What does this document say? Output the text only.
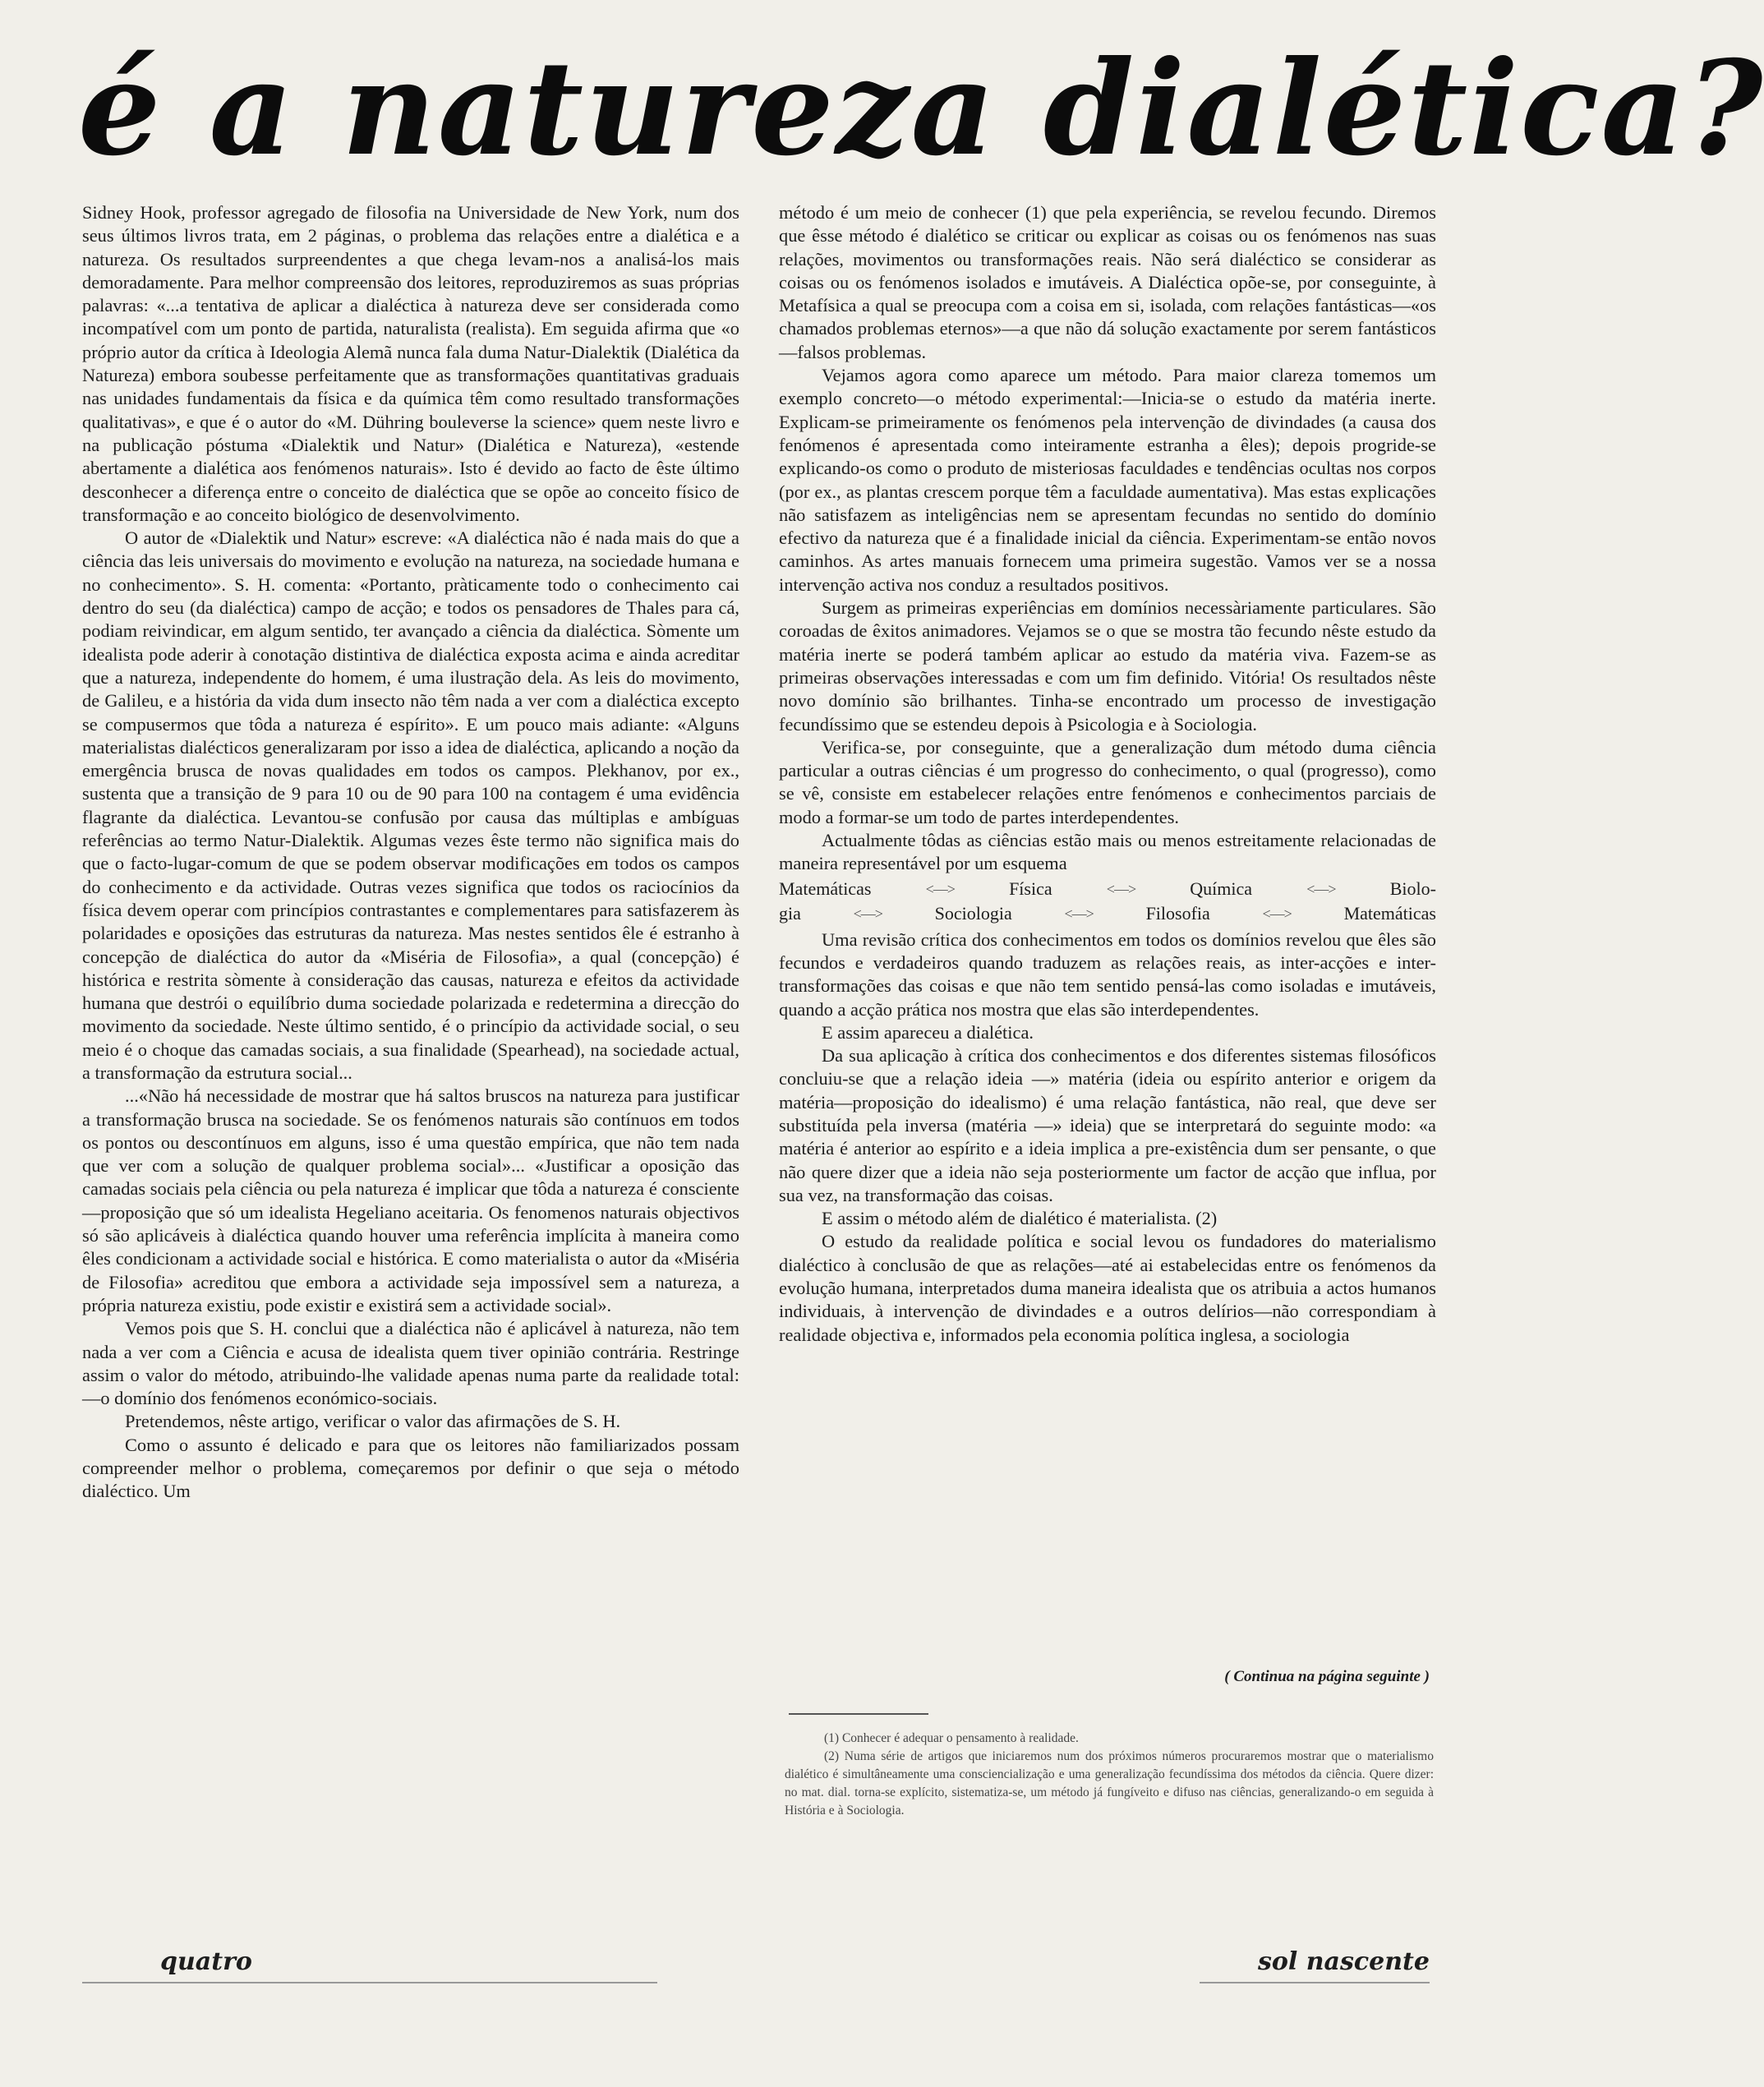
é a natureza dialética?

Sidney Hook, professor agregado de filosofia na Universidade de New York, num dos seus últimos livros trata, em 2 páginas, o problema das relações entre a dialética e a natureza. Os resultados surpreendentes a que chega levam-nos a analisá-los mais demoradamente. Para melhor compreensão dos leitores, reproduziremos as suas próprias palavras: «...a tentativa de aplicar a dialéctica à natureza deve ser considerada como incompatível com um ponto de partida, naturalista (realista). Em seguida afirma que «o próprio autor da crítica à Ideologia Alemã nunca fala duma Natur-Dialektik (Dialética da Natureza) embora soubesse perfeitamente que as transformações quantitativas graduais nas unidades fundamentais da física e da química têm como resultado transformações qualitativas», e que é o autor do «M. Dühring bouleverse la science» quem neste livro e na publicação póstuma «Dialektik und Natur» (Dialética e Natureza), «estende abertamente a dialética aos fenómenos naturais». Isto é devido ao facto de êste último desconhecer a diferença entre o conceito de dialéctica que se opõe ao conceito físico de transformação e ao conceito biológico de desenvolvimento.

O autor de «Dialektik und Natur» escreve: «A dialéctica não é nada mais do que a ciência das leis universais do movimento e evolução na natureza, na sociedade humana e no conhecimento». S. H. comenta: «Portanto, pràticamente todo o conhecimento cai dentro do seu (da dialéctica) campo de acção; e todos os pensadores de Thales para cá, podiam reivindicar, em algum sentido, ter avançado a ciência da dialéctica. Sòmente um idealista pode aderir à conotação distintiva de dialéctica exposta acima e ainda acreditar que a natureza, independente do homem, é uma ilustração dela. As leis do movimento, de Galileu, e a história da vida dum insecto não têm nada a ver com a dialéctica excepto se compusermos que tôda a natureza é espírito». E um pouco mais adiante: «Alguns materialistas dialécticos generalizaram por isso a idea de dialéctica, aplicando a noção da emergência brusca de novas qualidades em todos os campos. Plekhanov, por ex., sustenta que a transição de 9 para 10 ou de 90 para 100 na contagem é uma evidência flagrante da dialéctica. Levantou-se confusão por causa das múltiplas e ambíguas referências ao termo Natur-Dialektik. Algumas vezes êste termo não significa mais do que o facto-lugar-comum de que se podem observar modificações em todos os campos do conhecimento e da actividade. Outras vezes significa que todos os raciocínios da física devem operar com princípios contrastantes e complementares para satisfazerem às polaridades e oposições das estruturas da natureza. Mas nestes sentidos êle é estranho à concepção de dialéctica do autor da «Miséria de Filosofia», a qual (concepção) é histórica e restrita sòmente à consideração das causas, natureza e efeitos da actividade humana que destrói o equilíbrio duma sociedade polarizada e redetermina a direcção do movimento da sociedade. Neste último sentido, é o princípio da actividade social, o seu meio é o choque das camadas sociais, a sua finalidade (Spearhead), na sociedade actual, a transformação da estrutura social...

...«Não há necessidade de mostrar que há saltos bruscos na natureza para justificar a transformação brusca na sociedade. Se os fenómenos naturais são contínuos em todos os pontos ou descontínuos em alguns, isso é uma questão empírica, que não tem nada que ver com a solução de qualquer problema social»... «Justificar a oposição das camadas sociais pela ciência ou pela natureza é implicar que tôda a natureza é consciente—proposição que só um idealista Hegeliano aceitaria. Os fenomenos naturais objectivos só são aplicáveis à dialéctica quando houver uma referência implícita à maneira como êles condicionam a actividade social e histórica. E como materialista o autor da «Miséria de Filosofia» acreditou que embora a actividade seja impossível sem a natureza, a própria natureza existiu, pode existir e existirá sem a actividade social».

Vemos pois que S. H. conclui que a dialéctica não é aplicável à natureza, não tem nada a ver com a Ciência e acusa de idealista quem tiver opinião contrária. Restringe assim o valor do método, atribuindo-lhe validade apenas numa parte da realidade total:—o domínio dos fenómenos económico-sociais.

Pretendemos, nêste artigo, verificar o valor das afirmações de S. H.

Como o assunto é delicado e para que os leitores não familiarizados possam compreender melhor o problema, começaremos por definir o que seja o método dialéctico. Um

método é um meio de conhecer (1) que pela experiência, se revelou fecundo. Diremos que êsse método é dialético se criticar ou explicar as coisas ou os fenómenos nas suas relações, movimentos ou transformações reais. Não será dialéctico se considerar as coisas ou os fenómenos isolados e imutáveis. A Dialéctica opõe-se, por conseguinte, à Metafísica a qual se preocupa com a coisa em si, isolada, com relações fantásticas—«os chamados problemas eternos»—a que não dá solução exactamente por serem fantásticos—falsos problemas.

Vejamos agora como aparece um método. Para maior clareza tomemos um exemplo concreto—o método experimental:—Inicia-se o estudo da matéria inerte. Explicam-se primeiramente os fenómenos pela intervenção de divindades (a causa dos fenómenos é apresentada como inteiramente estranha a êles); depois progride-se explicando-os como o produto de misteriosas faculdades e tendências ocultas nos corpos (por ex., as plantas crescem porque têm a faculdade aumentativa). Mas estas explicações não satisfazem as inteligências nem se apresentam fecundas no sentido do domínio efectivo da natureza que é a finalidade inicial da ciência. Experimentam-se então novos caminhos. As artes manuais fornecem uma primeira sugestão. Vamos ver se a nossa intervenção activa nos conduz a resultados positivos.

Surgem as primeiras experiências em domínios necessàriamente particulares. São coroadas de êxitos animadores. Vejamos se o que se mostra tão fecundo nêste estudo da matéria inerte se poderá também aplicar ao estudo da matéria viva. Fazem-se as primeiras observações interessadas e com um fim definido. Vitória! Os resultados nêste novo domínio são brilhantes. Tinha-se encontrado um processo de investigação fecundíssimo que se estendeu depois à Psicologia e à Sociologia.

Verifica-se, por conseguinte, que a generalização dum método duma ciência particular a outras ciências é um progresso do conhecimento, o qual (progresso), como se vê, consiste em estabelecer relações entre fenómenos e conhecimentos parciais de modo a formar-se um todo de partes interdependentes.

Actualmente tôdas as ciências estão mais ou menos estreitamente relacionadas de maneira representável por um esquema

Matemáticas	<—>	Física	<—>	Química	<—>	Biolo-
gia	<—>	Sociologia	<—>	Filosofia	<—>	Matemáticas

Uma revisão crítica dos conhecimentos em todos os domínios revelou que êles são fecundos e verdadeiros quando traduzem as relações reais, as inter-acções e inter-transformações das coisas e que não tem sentido pensá-las como isoladas e imutáveis, quando a acção prática nos mostra que elas são interdependentes.

E assim apareceu a dialética.

Da sua aplicação à crítica dos conhecimentos e dos diferentes sistemas filosóficos concluiu-se que a relação ideia —» matéria (ideia ou espírito anterior e origem da matéria—proposição do idealismo) é uma relação fantástica, não real, que deve ser substituída pela inversa (matéria —» ideia) que se interpretará do seguinte modo: «a matéria é anterior ao espírito e a ideia implica a pre-existência dum ser pensante, o que não quere dizer que a ideia não seja posteriormente um factor de acção que influa, por sua vez, na transformação das coisas.

E assim o método além de dialético é materialista. (2)

O estudo da realidade política e social levou os fundadores do materialismo dialéctico à conclusão de que as relações—até ai estabelecidas entre os fenómenos da evolução humana, interpretados duma maneira idealista que os atribuia a actos humanos individuais, à intervenção de divindades e a outros delírios—não correspondiam à realidade objectiva e, informados pela economia política inglesa, a sociologia

( Continua na página seguinte )

(1) Conhecer é adequar o pensamento à realidade.

(2) Numa série de artigos que iniciaremos num dos próximos números procuraremos mostrar que o materialismo dialético é simultâneamente uma consciencialização e uma generalização fecundíssima dos métodos da ciência. Quere dizer: no mat. dial. torna-se explícito, sistematiza-se, um método já fungíveito e difuso nas ciências, generalizando-o em seguida à História e à Sociologia.

quatro	sol nascente
